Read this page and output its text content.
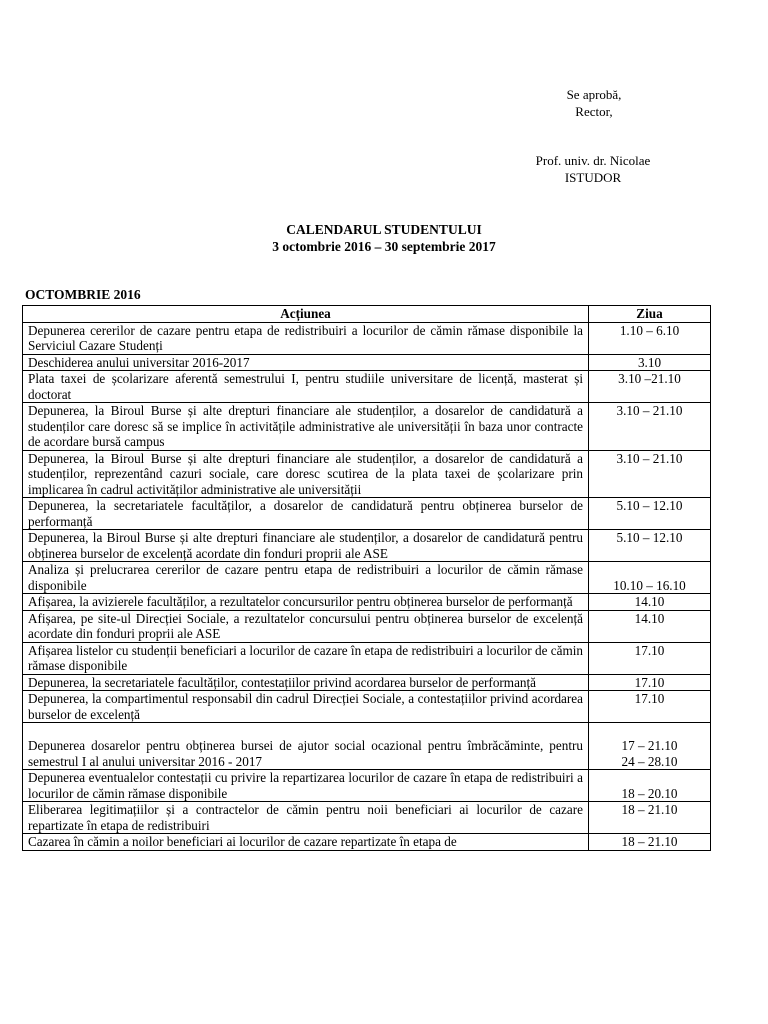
Se aprobă,
Rector,
Prof. univ. dr. Nicolae
ISTUDOR
CALENDARUL STUDENTULUI
3 octombrie 2016 – 30 septembrie 2017
OCTOMBRIE 2016
Acțiunea	Ziua
Depunerea cererilor de cazare pentru etapa de redistribuiri a locurilor de cămin rămase disponibile la Serviciul Cazare Studenți	1.10 – 6.10

Deschiderea anului universitar 2016-2017	3.10

Plata taxei de școlarizare aferentă semestrului I, pentru studiile universitare de licență, masterat și doctorat	3.10 –21.10

Depunerea, la Biroul Burse și alte drepturi financiare ale studenților, a dosarelor de candidatură a studenților care doresc să se implice în activitățile administrative ale universității în baza unor contracte de acordare bursă campus	3.10 – 21.10

Depunerea, la Biroul Burse și alte drepturi financiare ale studenților, a dosarelor de candidatură a studenților, reprezentând cazuri sociale, care doresc scutirea de la plata taxei de școlarizare prin implicarea în cadrul activităților administrative ale universității	3.10 – 21.10

Depunerea, la secretariatele facultăților, a dosarelor de candidatură pentru obținerea burselor de performanță	5.10 – 12.10

Depunerea, la Biroul Burse și alte drepturi financiare ale studenților, a dosarelor de candidatură pentru obținerea burselor de excelență acordate din fonduri proprii ale ASE	5.10 – 12.10

Analiza și prelucrarea cererilor de cazare pentru etapa de redistribuiri a locurilor de cămin rămase disponibile	10.10 – 16.10

Afișarea, la avizierele facultăților, a rezultatelor concursurilor pentru obținerea burselor de performanță	14.10

Afișarea, pe site-ul Direcției Sociale, a rezultatelor concursului pentru obținerea burselor de excelență acordate din fonduri proprii ale ASE	14.10

Afișarea listelor cu studenții beneficiari a locurilor de cazare în etapa de redistribuiri a locurilor de cămin rămase disponibile	17.10

Depunerea, la secretariatele facultăților, contestațiilor privind acordarea burselor de performanță	17.10

Depunerea, la compartimentul responsabil din cadrul Direcției Sociale, a contestațiilor privind acordarea burselor de excelență	17.10

Depunerea dosarelor pentru obținerea bursei de ajutor social ocazional pentru îmbrăcăminte, pentru semestrul I al anului universitar 2016 - 2017	17 – 21.10
24 – 28.10

Depunerea eventualelor contestații cu privire la repartizarea locurilor de cazare în etapa de redistribuiri a locurilor de cămin rămase disponibile	18 – 20.10

Eliberarea legitimațiilor și a contractelor de cămin pentru noii beneficiari ai locurilor de cazare repartizate în etapa de redistribuiri	18 – 21.10

Cazarea în cămin a noilor beneficiari ai locurilor de cazare repartizate în etapa de	18 – 21.10
